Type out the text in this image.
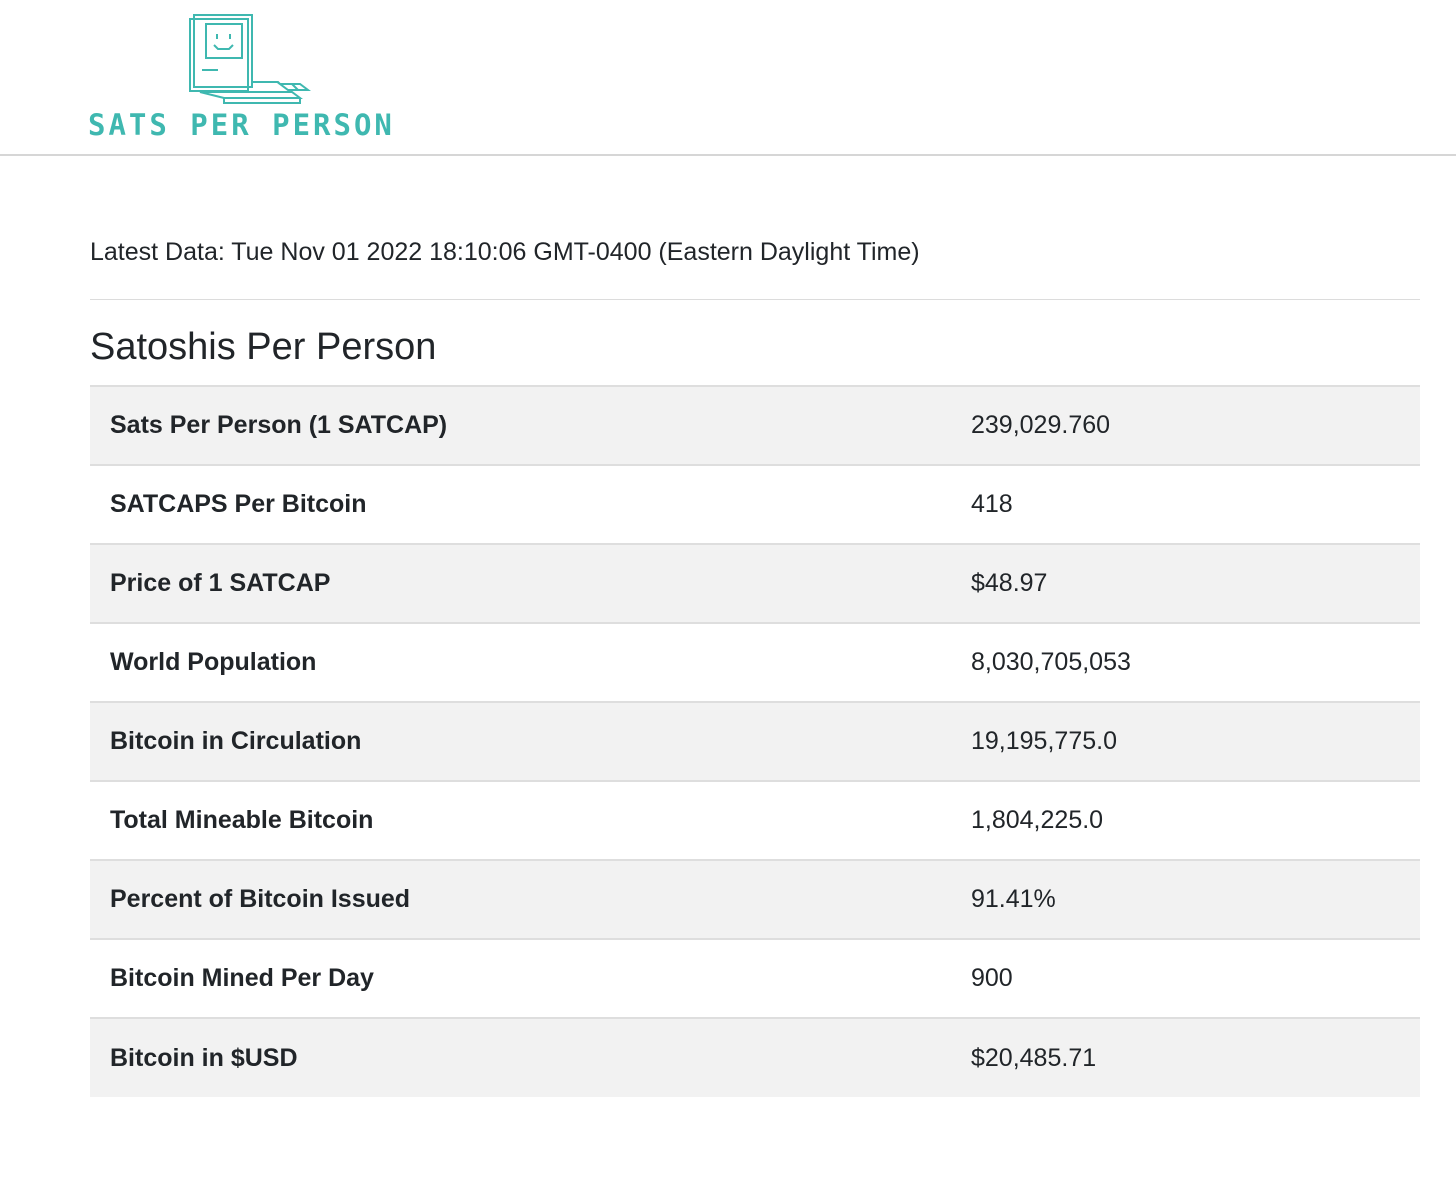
SATS PER PERSON
Latest Data: Tue Nov 01 2022 18:10:06 GMT-0400 (Eastern Daylight Time)
Satoshis Per Person
Sats Per Person (1 SATCAP)	239,029.760
SATCAPS Per Bitcoin	418
Price of 1 SATCAP	$48.97
World Population	8,030,705,053
Bitcoin in Circulation	19,195,775.0
Total Mineable Bitcoin	1,804,225.0
Percent of Bitcoin Issued	91.41%
Bitcoin Mined Per Day	900
Bitcoin in $USD	$20,485.71
